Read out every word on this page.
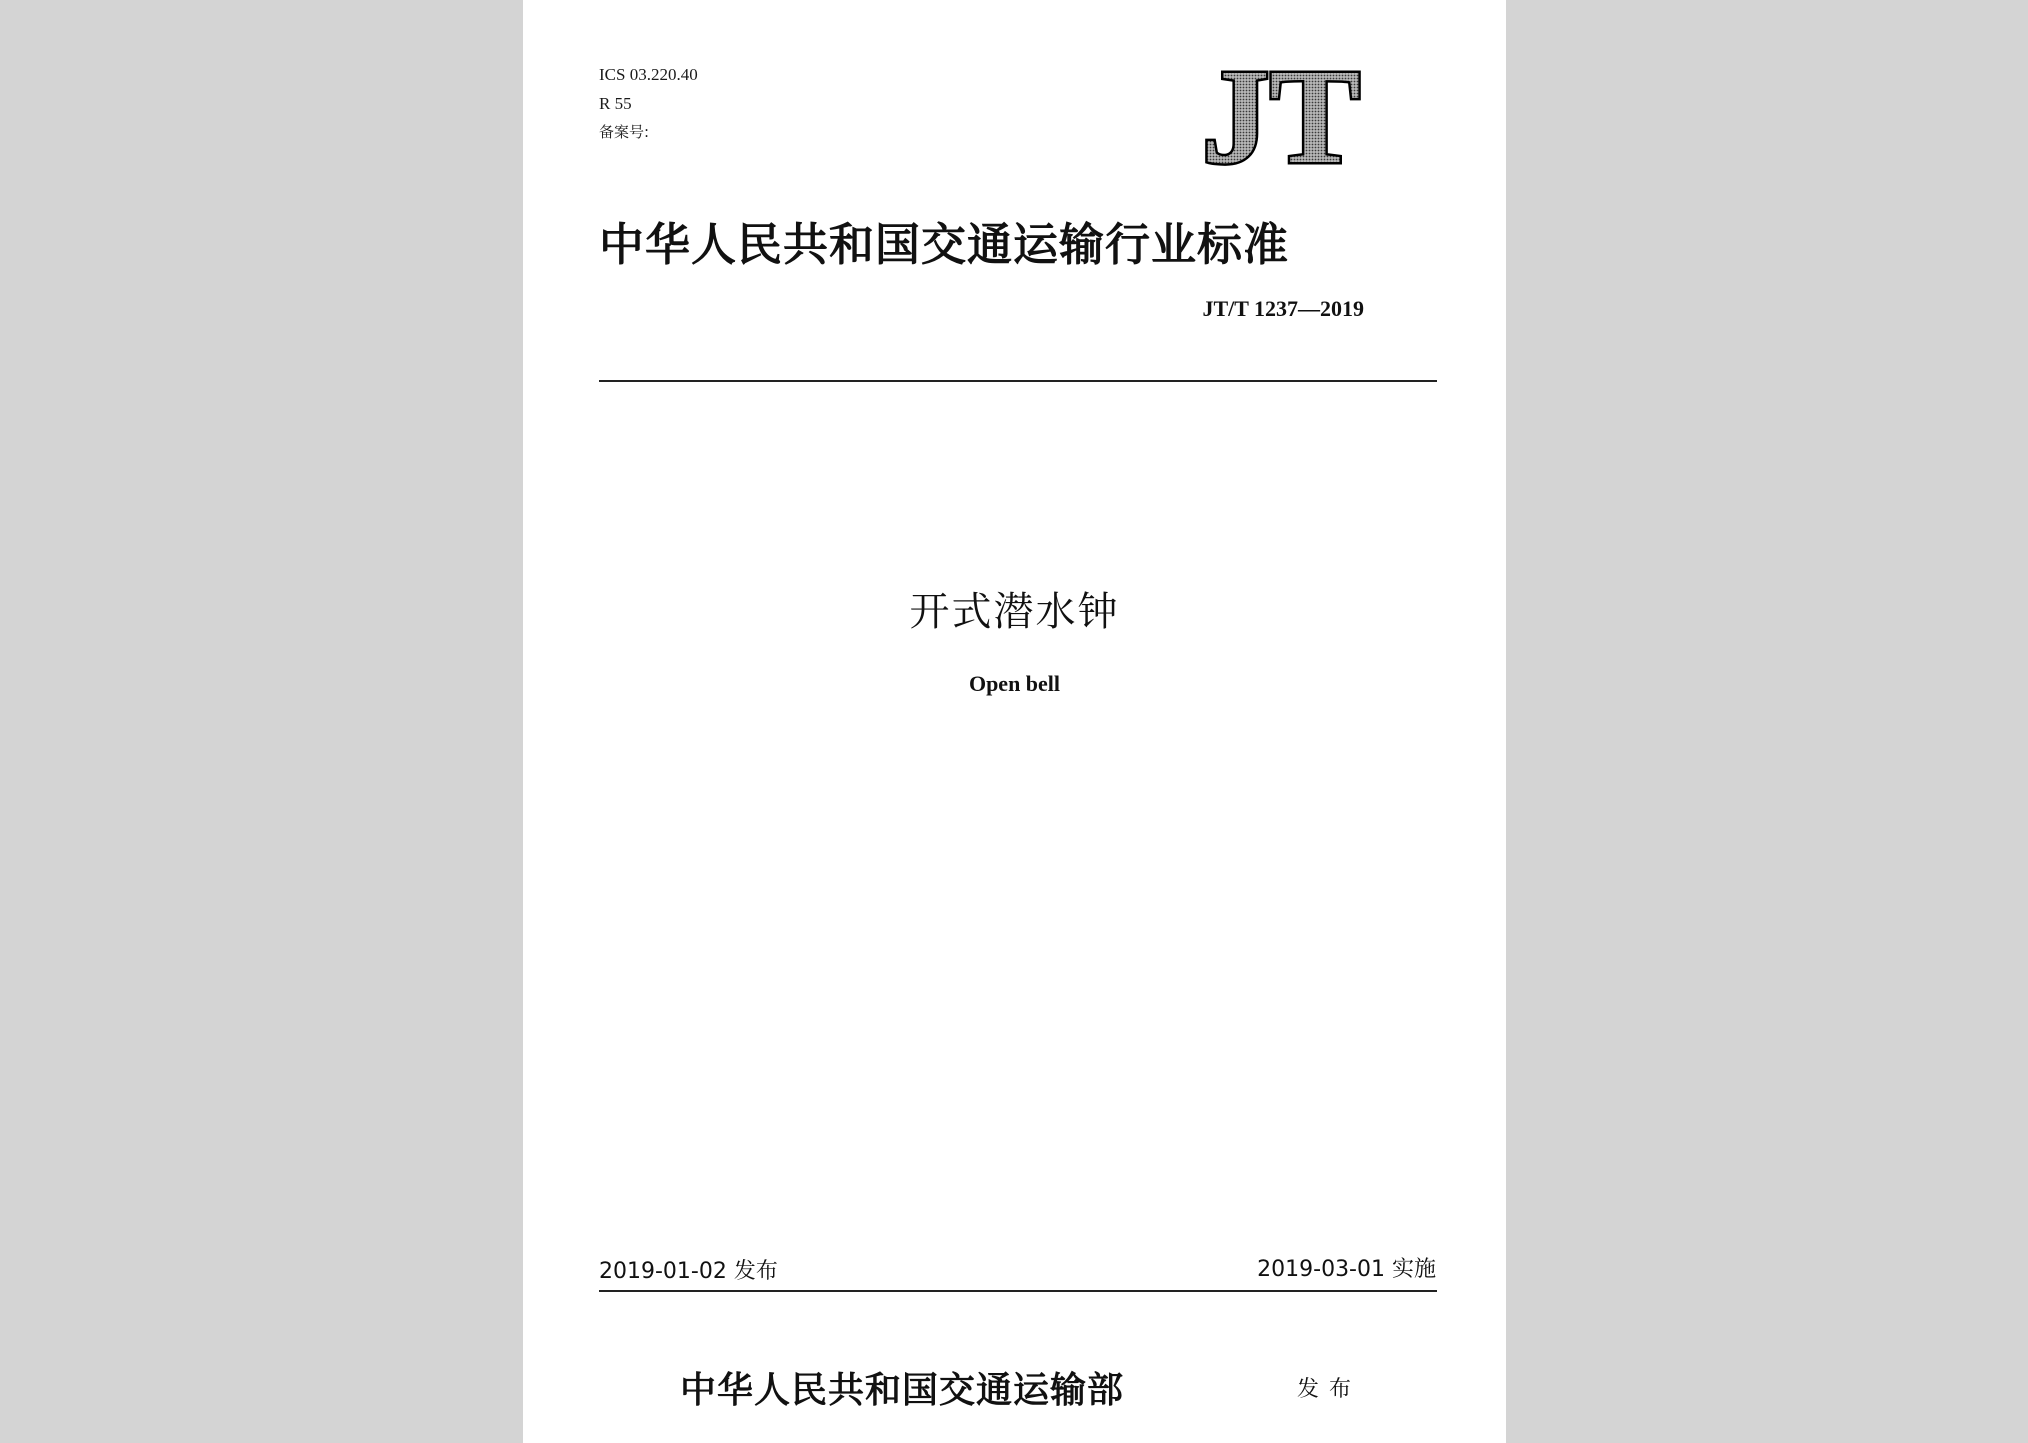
ICS 03.220.40
R 55
备案号:	JT
中华人民共和国交通运输行业标准
JT/T 1237—2019
开式潜水钟
Open bell
2019-01-02 发布	2019-03-01 实施
中华人民共和国交通运输部	发布
